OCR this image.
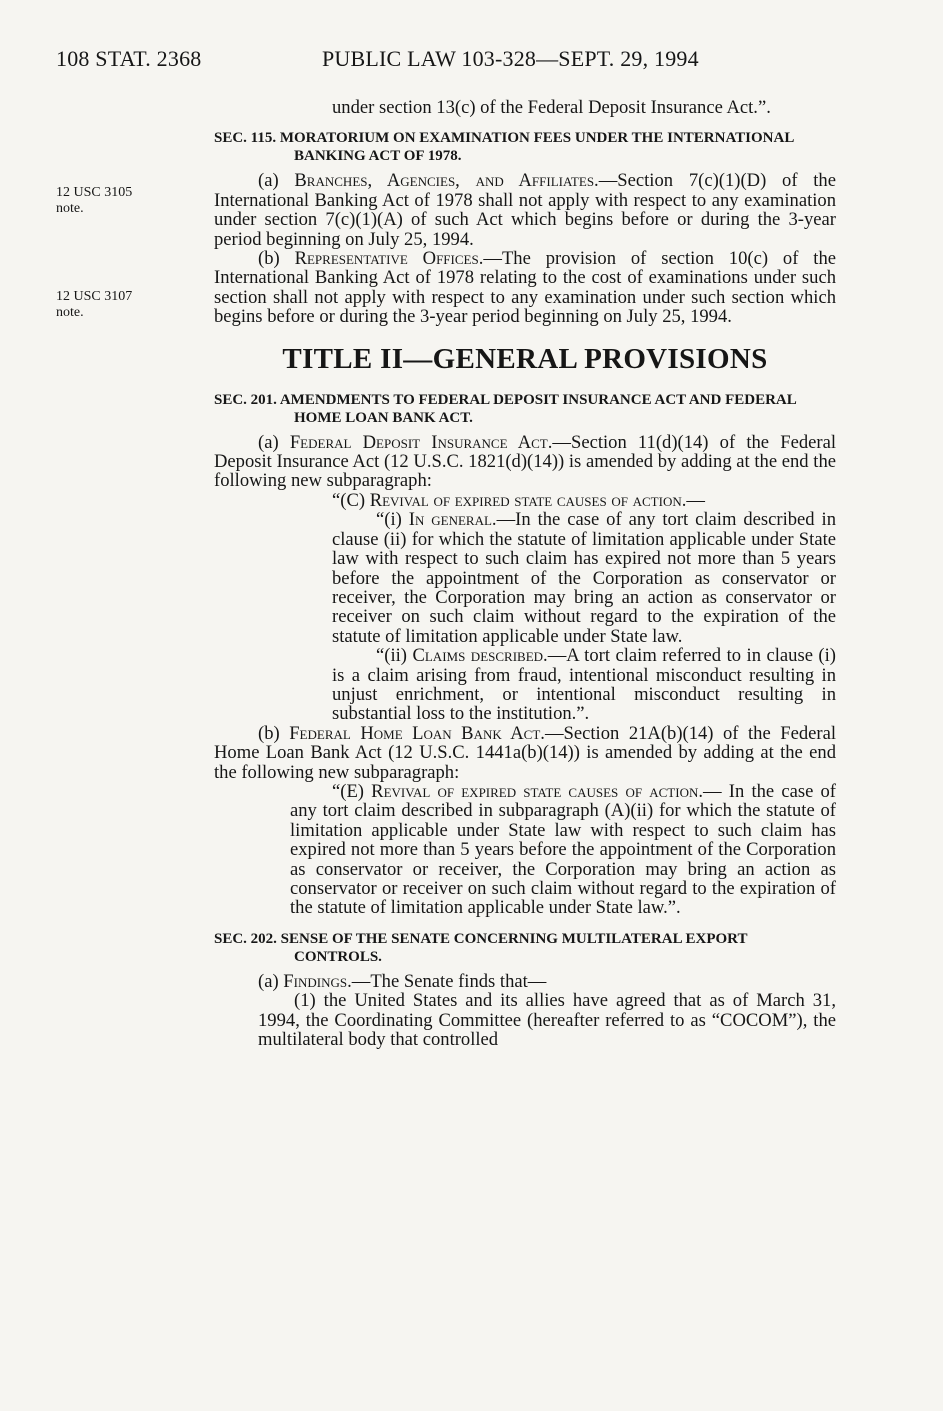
108 STAT. 2368	PUBLIC LAW 103-328—SEPT. 29, 1994
12 USC 3105
note.
12 USC 3107
note.

under section 13(c) of the Federal Deposit Insurance Act.”.

SEC. 115. MORATORIUM ON EXAMINATION FEES UNDER THE INTERNATIONAL BANKING ACT OF 1978.

(a) Branches, Agencies, and Affiliates.—Section 7(c)(1)(D) of the International Banking Act of 1978 shall not apply with respect to any examination under section 7(c)(1)(A) of such Act which begins before or during the 3-year period beginning on July 25, 1994.

(b) Representative Offices.—The provision of section 10(c) of the International Banking Act of 1978 relating to the cost of examinations under such section shall not apply with respect to any examination under such section which begins before or during the 3-year period beginning on July 25, 1994.

TITLE II—GENERAL PROVISIONS
SEC. 201. AMENDMENTS TO FEDERAL DEPOSIT INSURANCE ACT AND FEDERAL HOME LOAN BANK ACT.

(a) Federal Deposit Insurance Act.—Section 11(d)(14) of the Federal Deposit Insurance Act (12 U.S.C. 1821(d)(14)) is amended by adding at the end the following new subparagraph:

“(C) Revival of expired state causes of action.—

“(i) In general.—In the case of any tort claim described in clause (ii) for which the statute of limitation applicable under State law with respect to such claim has expired not more than 5 years before the appointment of the Corporation as conservator or receiver, the Corporation may bring an action as conservator or receiver on such claim without regard to the expiration of the statute of limitation applicable under State law.

“(ii) Claims described.—A tort claim referred to in clause (i) is a claim arising from fraud, intentional misconduct resulting in unjust enrichment, or intentional misconduct resulting in substantial loss to the institution.”.

(b) Federal Home Loan Bank Act.—Section 21A(b)(14) of the Federal Home Loan Bank Act (12 U.S.C. 1441a(b)(14)) is amended by adding at the end the following new subparagraph:

“(E) Revival of expired state causes of action.— In the case of any tort claim described in subparagraph (A)(ii) for which the statute of limitation applicable under State law with respect to such claim has expired not more than 5 years before the appointment of the Corporation as conservator or receiver, the Corporation may bring an action as conservator or receiver on such claim without regard to the expiration of the statute of limitation applicable under State law.”.

SEC. 202. SENSE OF THE SENATE CONCERNING MULTILATERAL EXPORT CONTROLS.

(a) Findings.—The Senate finds that—

(1) the United States and its allies have agreed that as of March 31, 1994, the Coordinating Committee (hereafter referred to as “COCOM”), the multilateral body that controlled
